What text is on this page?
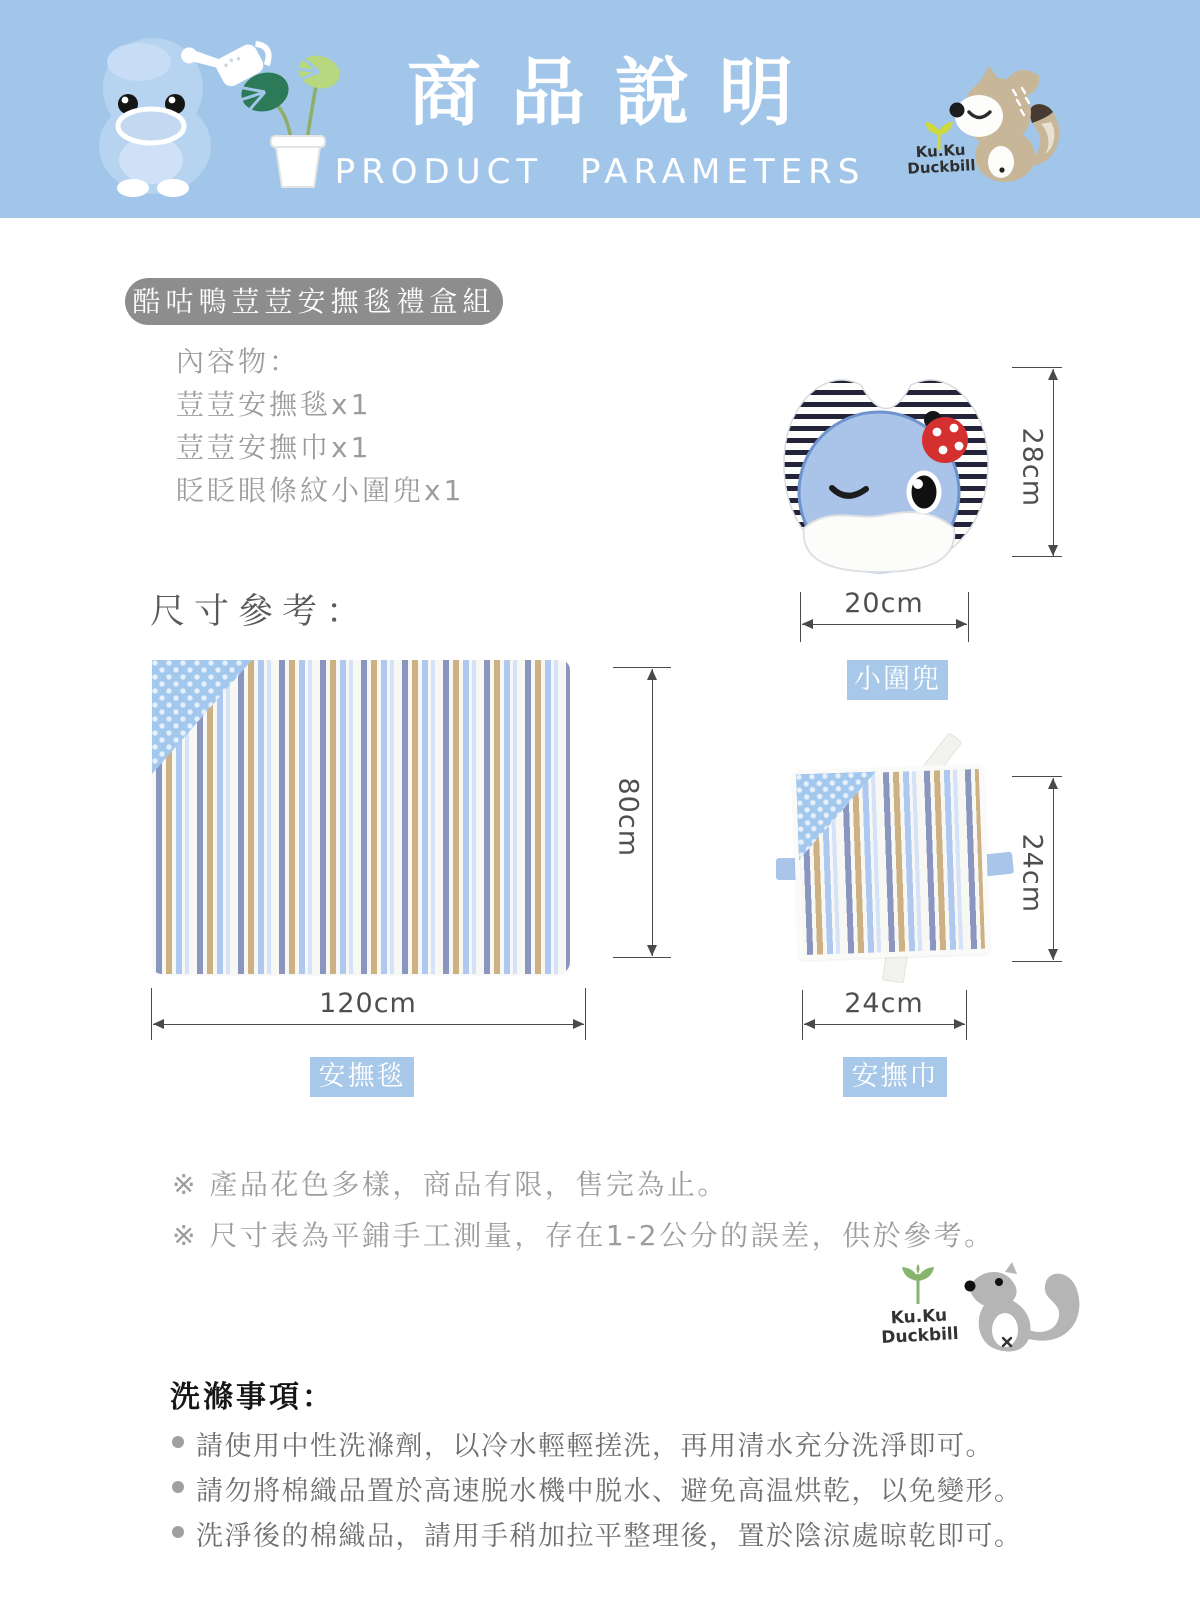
商品說明
PRODUCT PARAMETERS
Ku.Ku
Duckbill
酷咕鴨荳荳安撫毯禮盒組
內容物：
荳荳安撫毯x1
荳荳安撫巾x1
眨眨眼條紋小圍兜x1
尺寸參考：
28cm
20cm
小圍兜
80cm
120cm
安撫毯
24cm
24cm
安撫巾
※ 產品花色多樣，商品有限，售完為止。
※ 尺寸表為平鋪手工測量，存在1-2公分的誤差，供於參考。
Ku.Ku
Duckbill
洗滌事項：
請使用中性洗滌劑，以冷水輕輕搓洗，再用清水充分洗淨即可。
請勿將棉織品置於高速脱水機中脱水、避免高温烘乾，以免變形。
洗淨後的棉織品，請用手稍加拉平整理後，置於陰涼處晾乾即可。
